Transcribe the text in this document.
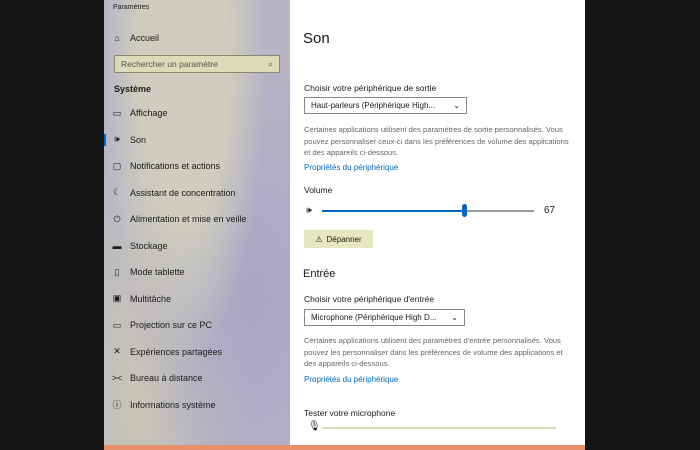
Paramètres
⌂	Accueil
Rechercher un paramètre	⌕
Système
▭ Affichage
🕪	Son
▢ Notifications et actions
☾ Assistant de concentration
⏻	Alimentation et mise en veille
▬ Stockage
▯	Mode tablette
▣ Multitâche
▭ Projection sur ce PC
✕	Expériences partagées
>< Bureau à distance
ⓘ Informations système
Son
Choisir votre périphérique de sortie
Haut-parleurs (Périphérique High... ⌄
Certaines applications utilisent des paramètres de sortie personnalisés. Vous pouvez personnaliser ceux-ci dans les préférences de volume des applications et des appareils ci-dessous.
Propriétés du périphérique
Volume
🕪	67
⚠ Dépanner
Entrée
Choisir votre périphérique d'entrée
Microphone (Périphérique High D... ⌄
Certaines applications utilisent des paramètres d'entrée personnalisés. Vous pouvez les personnaliser dans les préférences de volume des applications et des appareils ci-dessous.
Propriétés du périphérique
Tester votre microphone
🎙
